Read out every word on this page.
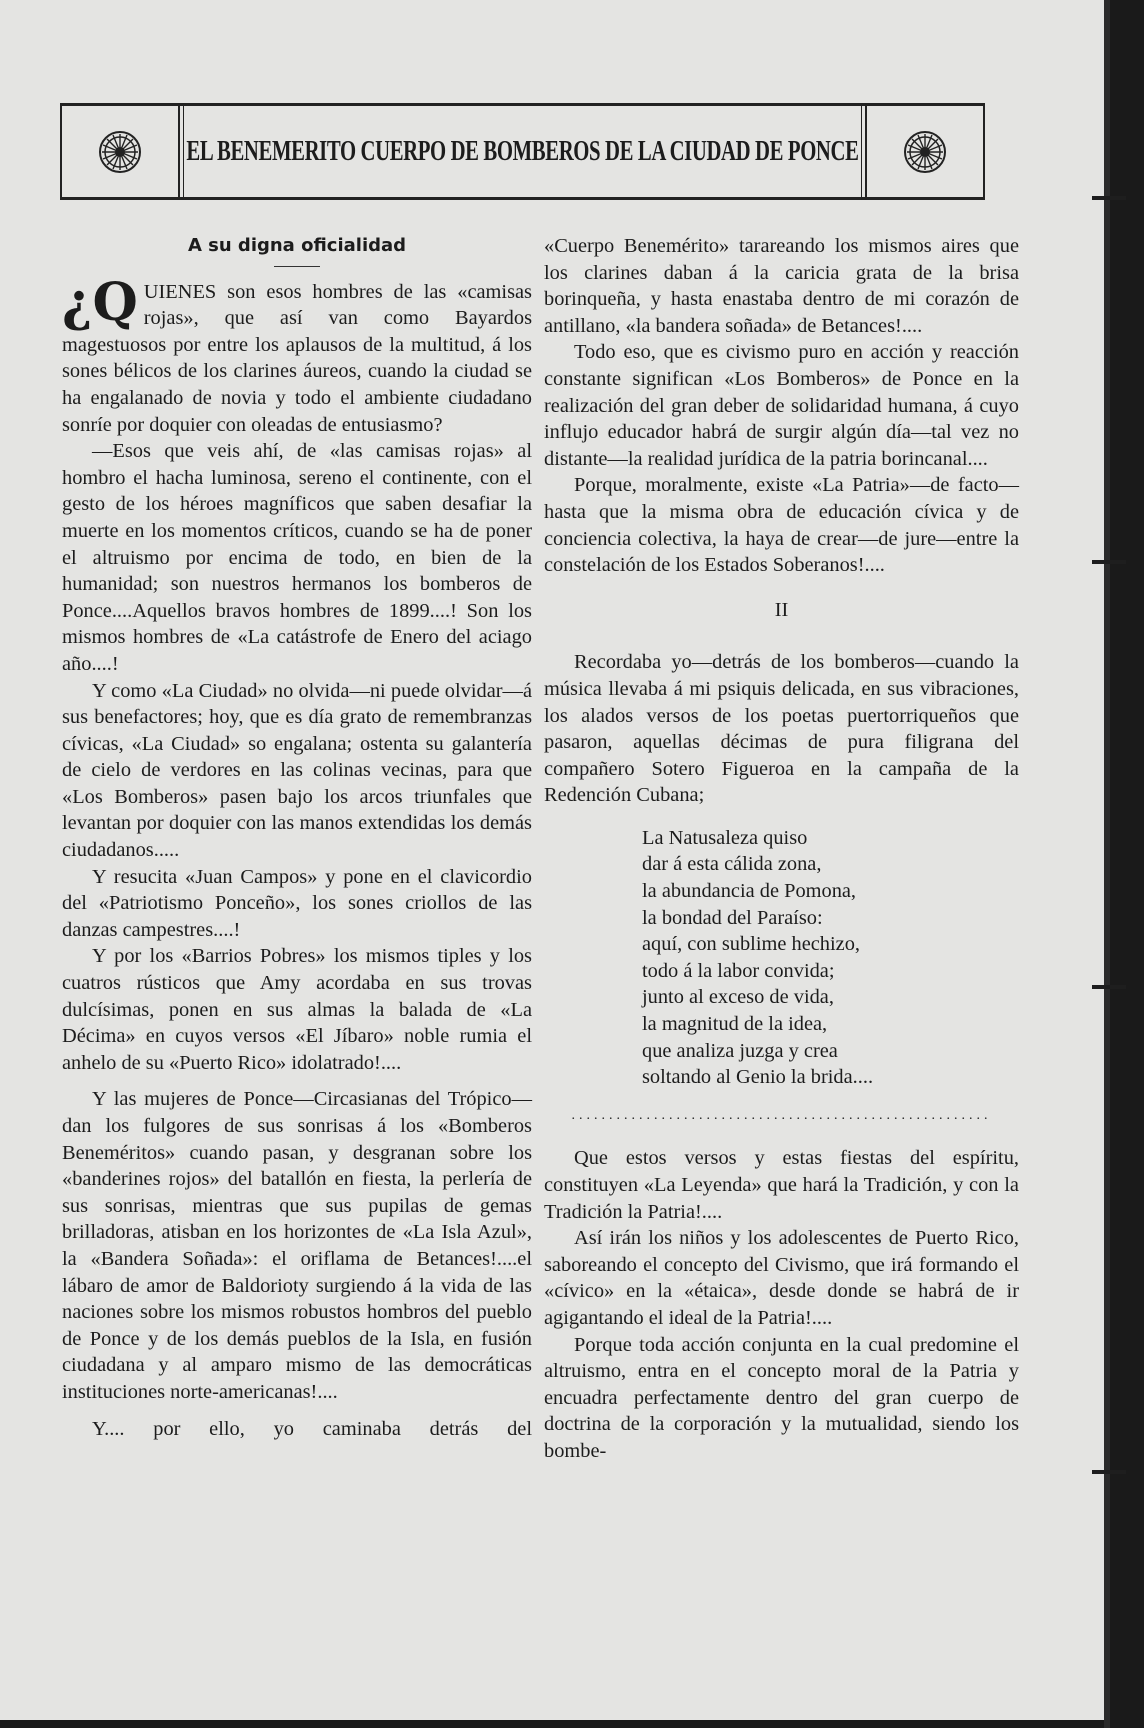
EL BENEMERITO CUERPO DE BOMBEROS DE LA CIUDAD DE PONCE
A su digna oficialidad

¿Q UIENES son esos hombres de las «camisas rojas», que así van como Bayardos magestuosos por entre los aplausos de la multitud, á los sones bélicos de los clarines áureos, cuando la ciudad se ha engalanado de novia y todo el ambiente ciudadano sonríe por doquier con oleadas de entusiasmo?

—Esos que veis ahí, de «las camisas rojas» al hombro el hacha luminosa, sereno el continente, con el gesto de los héroes magníficos que saben desafiar la muerte en los momentos críticos, cuando se ha de poner el altruismo por encima de todo, en bien de la humanidad; son nuestros hermanos los bomberos de Ponce....Aquellos bravos hombres de 1899....! Son los mismos hombres de «La catástrofe de Enero del aciago año....!

Y como «La Ciudad» no olvida—ni puede olvidar—á sus benefactores; hoy, que es día grato de remembranzas cívicas, «La Ciudad» so engalana; ostenta su galantería de cielo de verdores en las colinas vecinas, para que «Los Bomberos» pasen bajo los arcos triunfales que levantan por doquier con las manos extendidas los demás ciudadanos.....

Y resucita «Juan Campos» y pone en el clavicordio del «Patriotismo Ponceño», los sones criollos de las danzas campestres....!

Y por los «Barrios Pobres» los mismos tiples y los cuatros rústicos que Amy acordaba en sus trovas dulcísimas, ponen en sus almas la balada de «La Décima» en cuyos versos «El Jíbaro» noble rumia el anhelo de su «Puerto Rico» idolatrado!....

Y las mujeres de Ponce—Circasianas del Trópico—dan los fulgores de sus sonrisas á los «Bomberos Beneméritos» cuando pasan, y desgranan sobre los «banderines rojos» del batallón en fiesta, la perlería de sus sonrisas, mientras que sus pupilas de gemas brilladoras, atisban en los horizontes de «La Isla Azul», la «Bandera Soñada»: el oriflama de Betances!....el lábaro de amor de Baldorioty surgiendo á la vida de las naciones sobre los mismos robustos hombros del pueblo de Ponce y de los demás pueblos de la Isla, en fusión ciudadana y al amparo mismo de las democráticas instituciones norte-americanas!....

Y.... por ello, yo caminaba detrás del

«Cuerpo Benemérito» tarareando los mismos aires que los clarines daban á la caricia grata de la brisa borinqueña, y hasta enastaba dentro de mi corazón de antillano, «la bandera soñada» de Betances!....

Todo eso, que es civismo puro en acción y reacción constante significan «Los Bomberos» de Ponce en la realización del gran deber de solidaridad humana, á cuyo influjo educador habrá de surgir algún día—tal vez no distante—la realidad jurídica de la patria borincanal....

Porque, moralmente, existe «La Patria»—de facto—hasta que la misma obra de educación cívica y de conciencia colectiva, la haya de crear—de jure—entre la constelación de los Estados Soberanos!....

II

Recordaba yo—detrás de los bomberos—cuando la música llevaba á mi psiquis delicada, en sus vibraciones, los alados versos de los poetas puertorriqueños que pasaron, aquellas décimas de pura filigrana del compañero Sotero Figueroa en la campaña de la Redención Cubana;

La Natusaleza quiso
dar á esta cálida zona,
la abundancia de Pomona,
la bondad del Paraíso:
aquí, con sublime hechizo,
todo á la labor convida;
junto al exceso de vida,
la magnitud de la idea,
que analiza juzga y crea
soltando al Genio la brida....
........................................................

Que estos versos y estas fiestas del espíritu, constituyen «La Leyenda» que hará la Tradición, y con la Tradición la Patria!....

Así irán los niños y los adolescentes de Puerto Rico, saboreando el concepto del Civismo, que irá formando el «cívico» en la «étaica», desde donde se habrá de ir agigantando el ideal de la Patria!....

Porque toda acción conjunta en la cual predomine el altruismo, entra en el concepto moral de la Patria y encuadra perfectamente dentro del gran cuerpo de doctrina de la corporación y la mutualidad, siendo los bombe-
